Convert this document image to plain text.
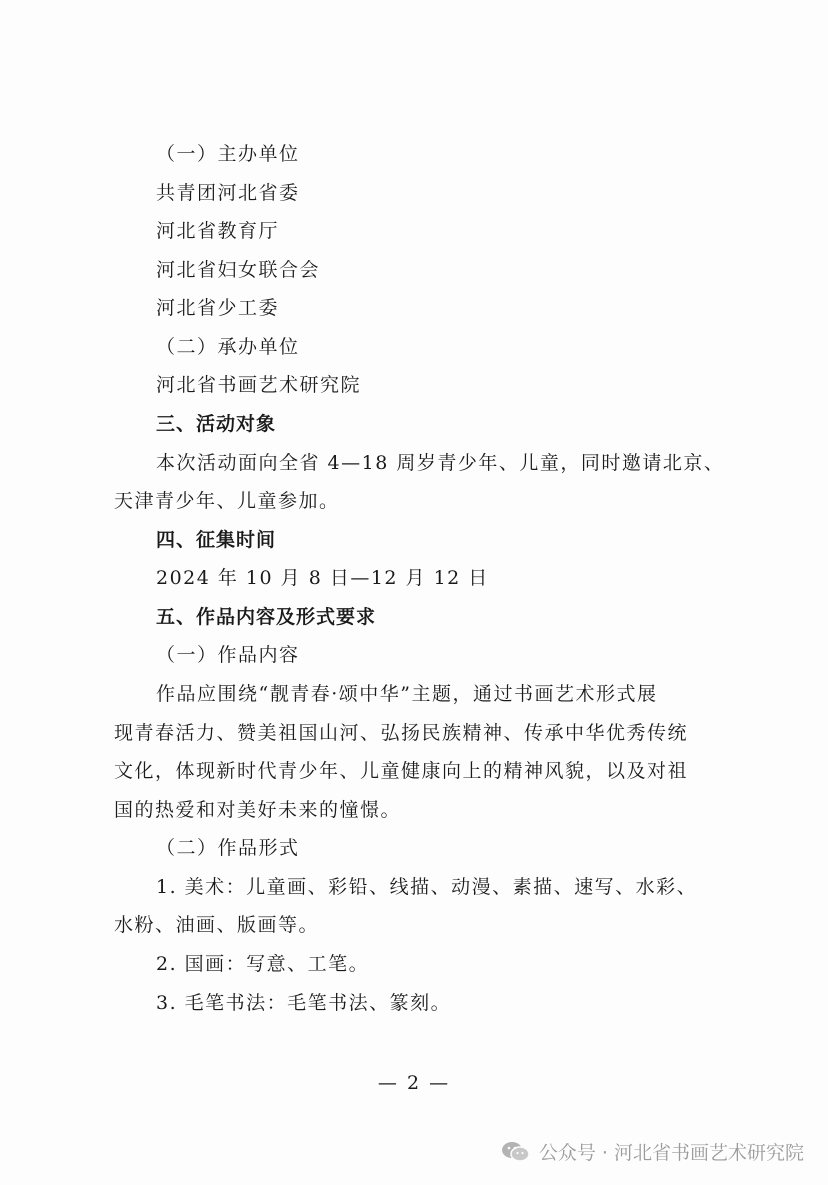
（一）主办单位
共青团河北省委
河北省教育厅
河北省妇女联合会
河北省少工委
（二）承办单位
河北省书画艺术研究院
三、活动对象
本次活动面向全省 4—18 周岁青少年、儿童，同时邀请北京、
天津青少年、儿童参加。
四、征集时间
2024 年 10 月 8 日—12 月 12 日
五、作品内容及形式要求
（一）作品内容
作品应围绕“靓青春·颂中华”主题，通过书画艺术形式展
现青春活力、赞美祖国山河、弘扬民族精神、传承中华优秀传统
文化，体现新时代青少年、儿童健康向上的精神风貌，以及对祖
国的热爱和对美好未来的憧憬。
（二）作品形式
1. 美术：儿童画、彩铅、线描、动漫、素描、速写、水彩、
水粉、油画、版画等。
2. 国画：写意、工笔。
3. 毛笔书法：毛笔书法、篆刻。
— 2 —
公众号 · 河北省书画艺术研究院
